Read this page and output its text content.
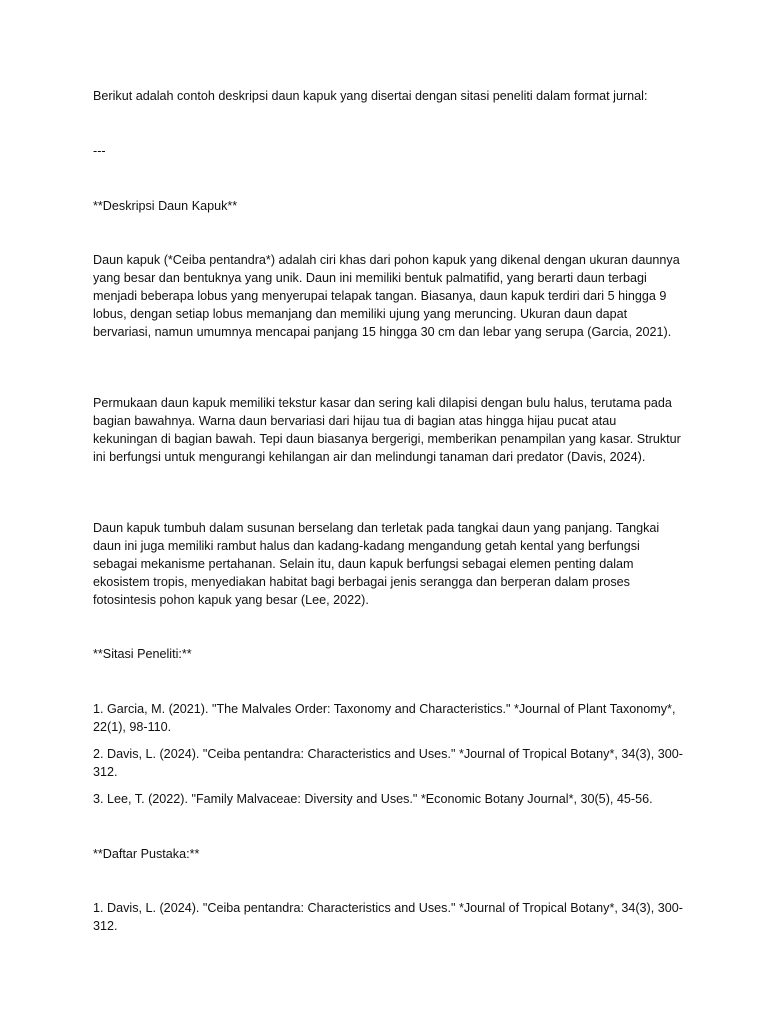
Berikut adalah contoh deskripsi daun kapuk yang disertai dengan sitasi peneliti dalam format jurnal:

---

**Deskripsi Daun Kapuk**

Daun kapuk (*Ceiba pentandra*) adalah ciri khas dari pohon kapuk yang dikenal dengan ukuran daunnya yang besar dan bentuknya yang unik. Daun ini memiliki bentuk palmatifid, yang berarti daun terbagi menjadi beberapa lobus yang menyerupai telapak tangan. Biasanya, daun kapuk terdiri dari 5 hingga 9 lobus, dengan setiap lobus memanjang dan memiliki ujung yang meruncing. Ukuran daun dapat bervariasi, namun umumnya mencapai panjang 15 hingga 30 cm dan lebar yang serupa (Garcia, 2021).

Permukaan daun kapuk memiliki tekstur kasar dan sering kali dilapisi dengan bulu halus, terutama pada bagian bawahnya. Warna daun bervariasi dari hijau tua di bagian atas hingga hijau pucat atau kekuningan di bagian bawah. Tepi daun biasanya bergerigi, memberikan penampilan yang kasar. Struktur ini berfungsi untuk mengurangi kehilangan air dan melindungi tanaman dari predator (Davis, 2024).

Daun kapuk tumbuh dalam susunan berselang dan terletak pada tangkai daun yang panjang. Tangkai daun ini juga memiliki rambut halus dan kadang-kadang mengandung getah kental yang berfungsi sebagai mekanisme pertahanan. Selain itu, daun kapuk berfungsi sebagai elemen penting dalam ekosistem tropis, menyediakan habitat bagi berbagai jenis serangga dan berperan dalam proses fotosintesis pohon kapuk yang besar (Lee, 2022).

**Sitasi Peneliti:**

1. Garcia, M. (2021). "The Malvales Order: Taxonomy and Characteristics." *Journal of Plant Taxonomy*, 22(1), 98-110.

2. Davis, L. (2024). "Ceiba pentandra: Characteristics and Uses." *Journal of Tropical Botany*, 34(3), 300-312.

3. Lee, T. (2022). "Family Malvaceae: Diversity and Uses." *Economic Botany Journal*, 30(5), 45-56.

**Daftar Pustaka:**

1. Davis, L. (2024). "Ceiba pentandra: Characteristics and Uses." *Journal of Tropical Botany*, 34(3), 300-312.
